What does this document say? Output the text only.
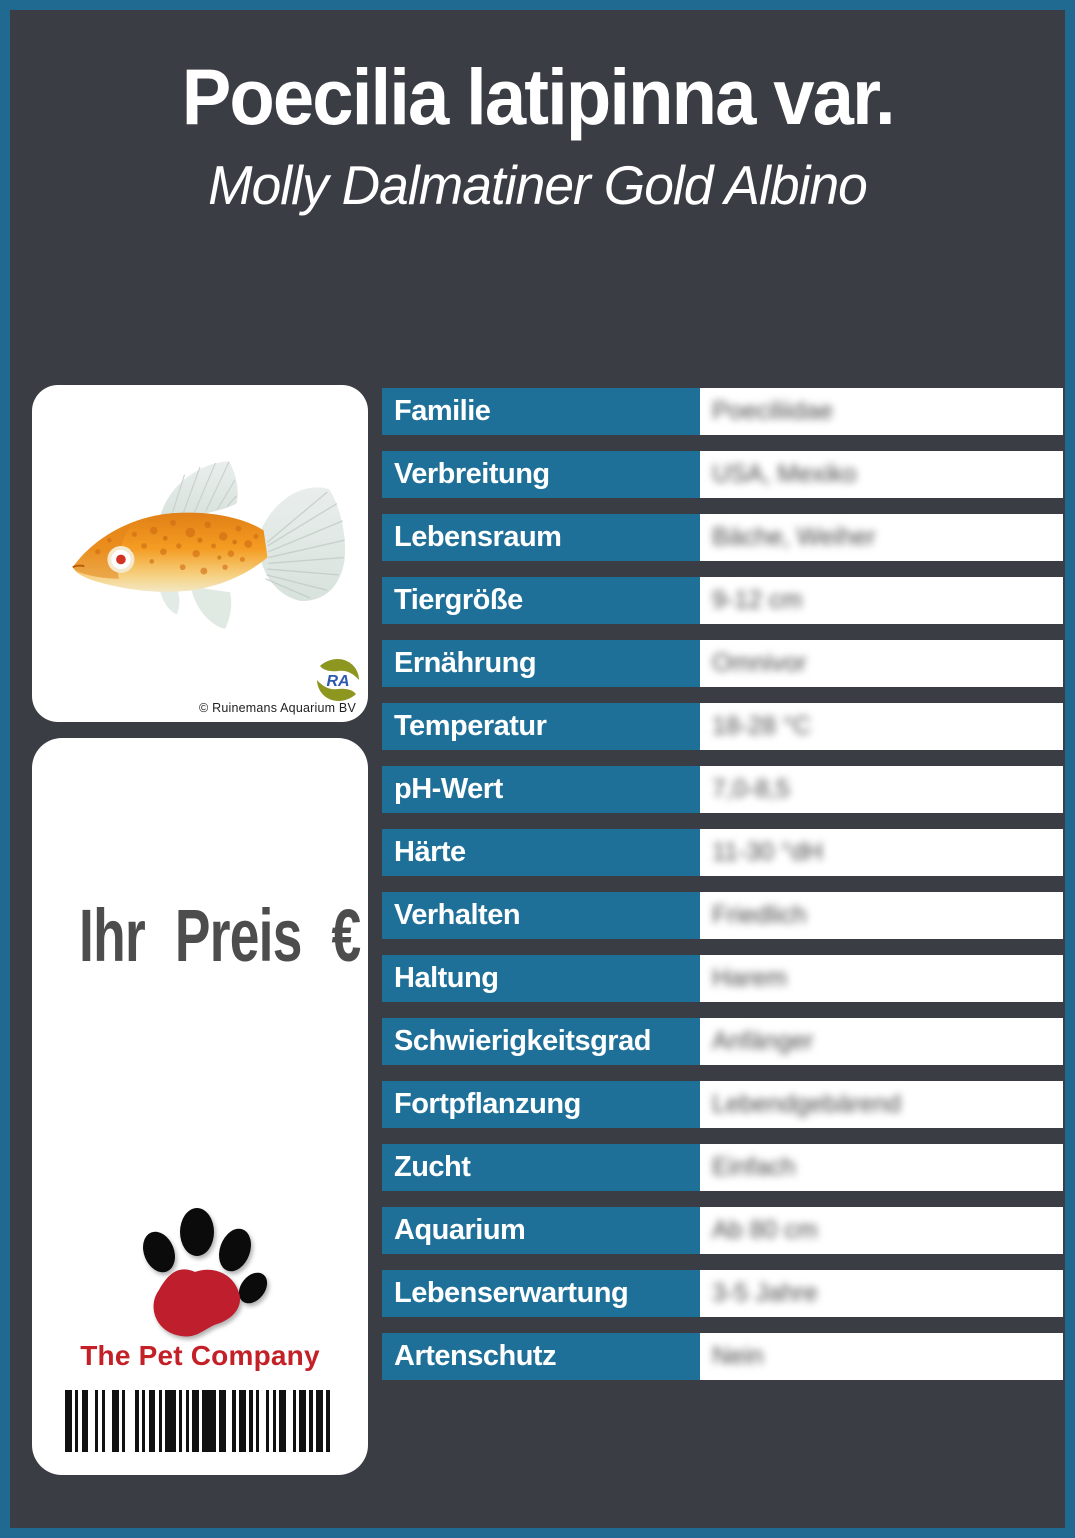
Poecilia latipinna var.
Molly Dalmatiner Gold Albino
RA
© Ruinemans Aquarium BV
Ihr Preis €
The Pet Company
Familie	Poeciliidae
Verbreitung	USA, Mexiko
Lebensraum	Bäche, Weiher
Tiergröße	9-12 cm
Ernährung	Omnivor
Temperatur	18-28 °C
pH-Wert	7,0-8,5
Härte	11-30 °dH
Verhalten	Friedlich
Haltung	Harem
Schwierigkeitsgrad	Anfänger
Fortpflanzung	Lebendgebärend
Zucht	Einfach
Aquarium	Ab 80 cm
Lebenserwartung	3-5 Jahre
Artenschutz	Nein
